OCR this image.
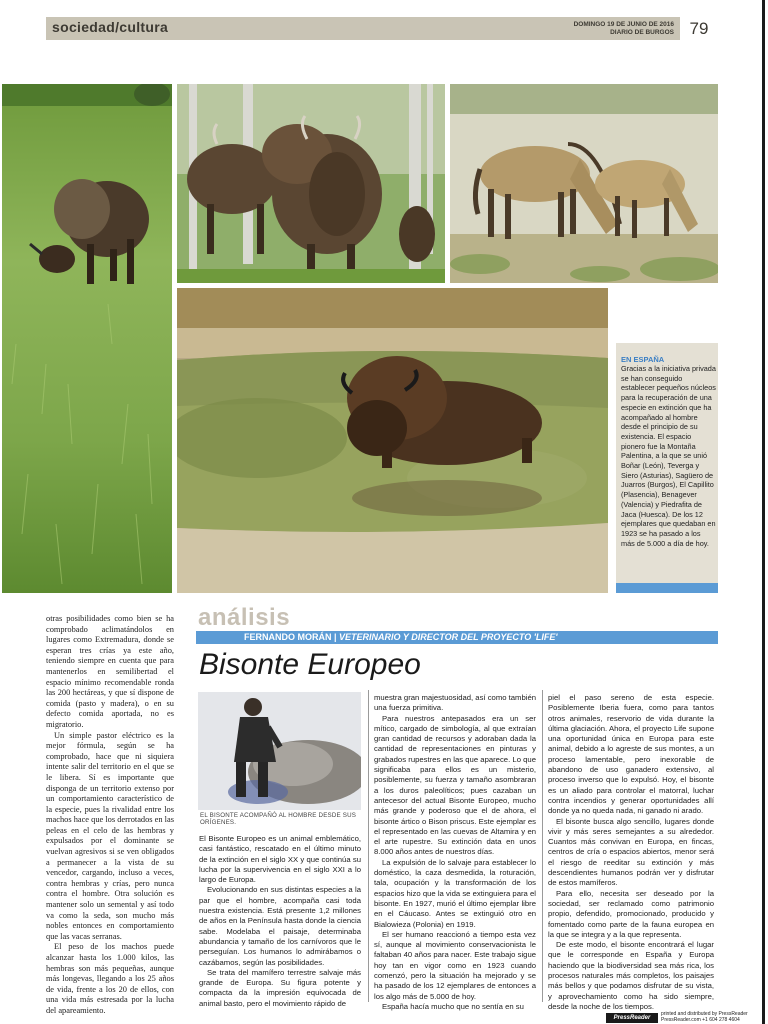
sociedad/cultura	DOMINGO 19 DE JUNIO DE 2016
DIARIO DE BURGOS 79
EN ESPAÑA
Gracias a la iniciativa privada se han conseguido establecer pequeños núcleos para la recuperación de una especie en extinción que ha acompañado al hombre desde el principio de su existencia. El espacio pionero fue la Montaña Palentina, a la que se unió Boñar (León), Teverga y Siero (Asturias), Sagüero de Juarros (Burgos), El Capillito (Plasencia), Benagever (Valencia) y Piedrafita de Jaca (Huesca). De los 12 ejemplares que quedaban en 1923 se ha pasado a los más de 5.000 a día de hoy.

otras posibilidades como bien se ha comprobado aclimatándolos en lugares como Extremadura, donde se esperan tres crías ya este año, teniendo siempre en cuenta que para mantenerlos en semilibertad el espacio mínimo recomendable ronda las 200 hectáreas, y que sí dispone de comida (pasto y madera), o en su defecto comida aportada, no es migratorio.

Un simple pastor eléctrico es la mejor fórmula, según se ha comprobado, hace que ni siquiera intente salir del territorio en el que se le libera. Sí es importante que disponga de un territorio extenso por un comportamiento característico de la especie, pues la rivalidad entre los machos hace que los derrotados en las peleas en el celo de las hembras y expulsados por el dominante se vuelvan agresivos si se ven obligados a permanecer a la vista de su vencedor, cargando, incluso a veces, contra hembras y crías, pero nunca contra el hombre. Otra solución es mantener solo un semental y así todo va como la seda, son mucho más nobles entonces en comportamiento que las vacas serranas.

El peso de los machos puede alcanzar hasta los 1.000 kilos, las hembras son más pequeñas, aunque más longevas, llegando a los 25 años de vida, frente a los 20 de ellos, con una vida más estresada por la lucha del apareamiento.

análisis
FERNANDO MORÁN | VETERINARIO Y DIRECTOR DEL PROYECTO 'LIFE'
Bisonte Europeo
EL BISONTE ACOMPAÑÓ AL HOMBRE DESDE SUS ORÍGENES.

El Bisonte Europeo es un animal emblemático, casi fantástico, rescatado en el último minuto de la extinción en el siglo XX y que continúa su lucha por la supervivencia en el siglo XXI a lo largo de Europa.

Evolucionando en sus distintas especies a la par que el hombre, acompaña casi toda nuestra existencia. Está presente 1,2 millones de años en la Península hasta donde la ciencia sabe. Modelaba el paisaje, determinaba abundancia y tamaño de los carnívoros que le perseguían. Los humanos lo admirábamos o cazábamos, según las posibilidades.

Se trata del mamífero terrestre salvaje más grande de Europa. Su figura potente y compacta da la impresión equivocada de animal basto, pero el movimiento rápido de

muestra gran majestuosidad, así como también una fuerza primitiva.

Para nuestros antepasados era un ser mítico, cargado de simbología, al que extraían gran cantidad de recursos y adoraban dada la cantidad de representaciones en pinturas y grabados rupestres en las que aparece. Lo que significaba para ellos es un misterio, posiblemente, su fuerza y tamaño asombraran a los duros paleolíticos; pues cazaban un antecesor del actual Bisonte Europeo, mucho más grande y poderoso que el de ahora, el bisonte ártico o Bison priscus. Este ejemplar es el representado en las cuevas de Altamira y en el arte rupestre. Su extinción data en unos 8.000 años antes de nuestros días.

La expulsión de lo salvaje para establecer lo doméstico, la caza desmedida, la roturación, tala, ocupación y la transformación de los espacios hizo que la vida se extinguiera para el bisonte. En 1927, murió el último ejemplar libre en el Cáucaso. Antes se extinguió otro en Bialowieza (Polonia) en 1919.

El ser humano reaccionó a tiempo esta vez sí, aunque al movimiento conservacionista le faltaban 40 años para nacer. Este trabajo sigue hoy tan en vigor como en 1923 cuando comenzó, pero la situación ha mejorado y se ha pasado de los 12 ejemplares de entonces a los algo más de 5.000 de hoy.

España hacía mucho que no sentía en su

piel el paso sereno de esta especie. Posiblemente Iberia fuera, como para tantos otros animales, reservorio de vida durante la última glaciación. Ahora, el proyecto Life supone una oportunidad única en Europa para este animal, debido a lo agreste de sus montes, a un proceso lamentable, pero inexorable de abandono de uso ganadero extensivo, al proceso inverso que lo expulsó. Hoy, el bisonte es un aliado para controlar el matorral, luchar contra incendios y generar oportunidades allí donde ya no queda nada, ni ganado ni arado.

El bisonte busca algo sencillo, lugares donde vivir y más seres semejantes a su alrededor. Cuantos más convivan en Europa, en fincas, centros de cría o espacios abiertos, menor será el riesgo de reeditar su extinción y más descendientes humanos podrán ver y disfrutar de estos mamíferos.

Para ello, necesita ser deseado por la sociedad, ser reclamado como patrimonio propio, defendido, promocionado, producido y fomentado como parte de la fauna europea en la que se integra y a la que representa.

De este modo, el bisonte encontrará el lugar que le corresponde en España y Europa haciendo que la biodiversidad sea más rica, los procesos naturales más completos, los paisajes más bellos y que podamos disfrutar de su vista, y aprovechamiento como ha sido siempre, desde la noche de los tiempos.

PressReader
printed and distributed by PressReader
PressReader.com +1 604 278 4604
